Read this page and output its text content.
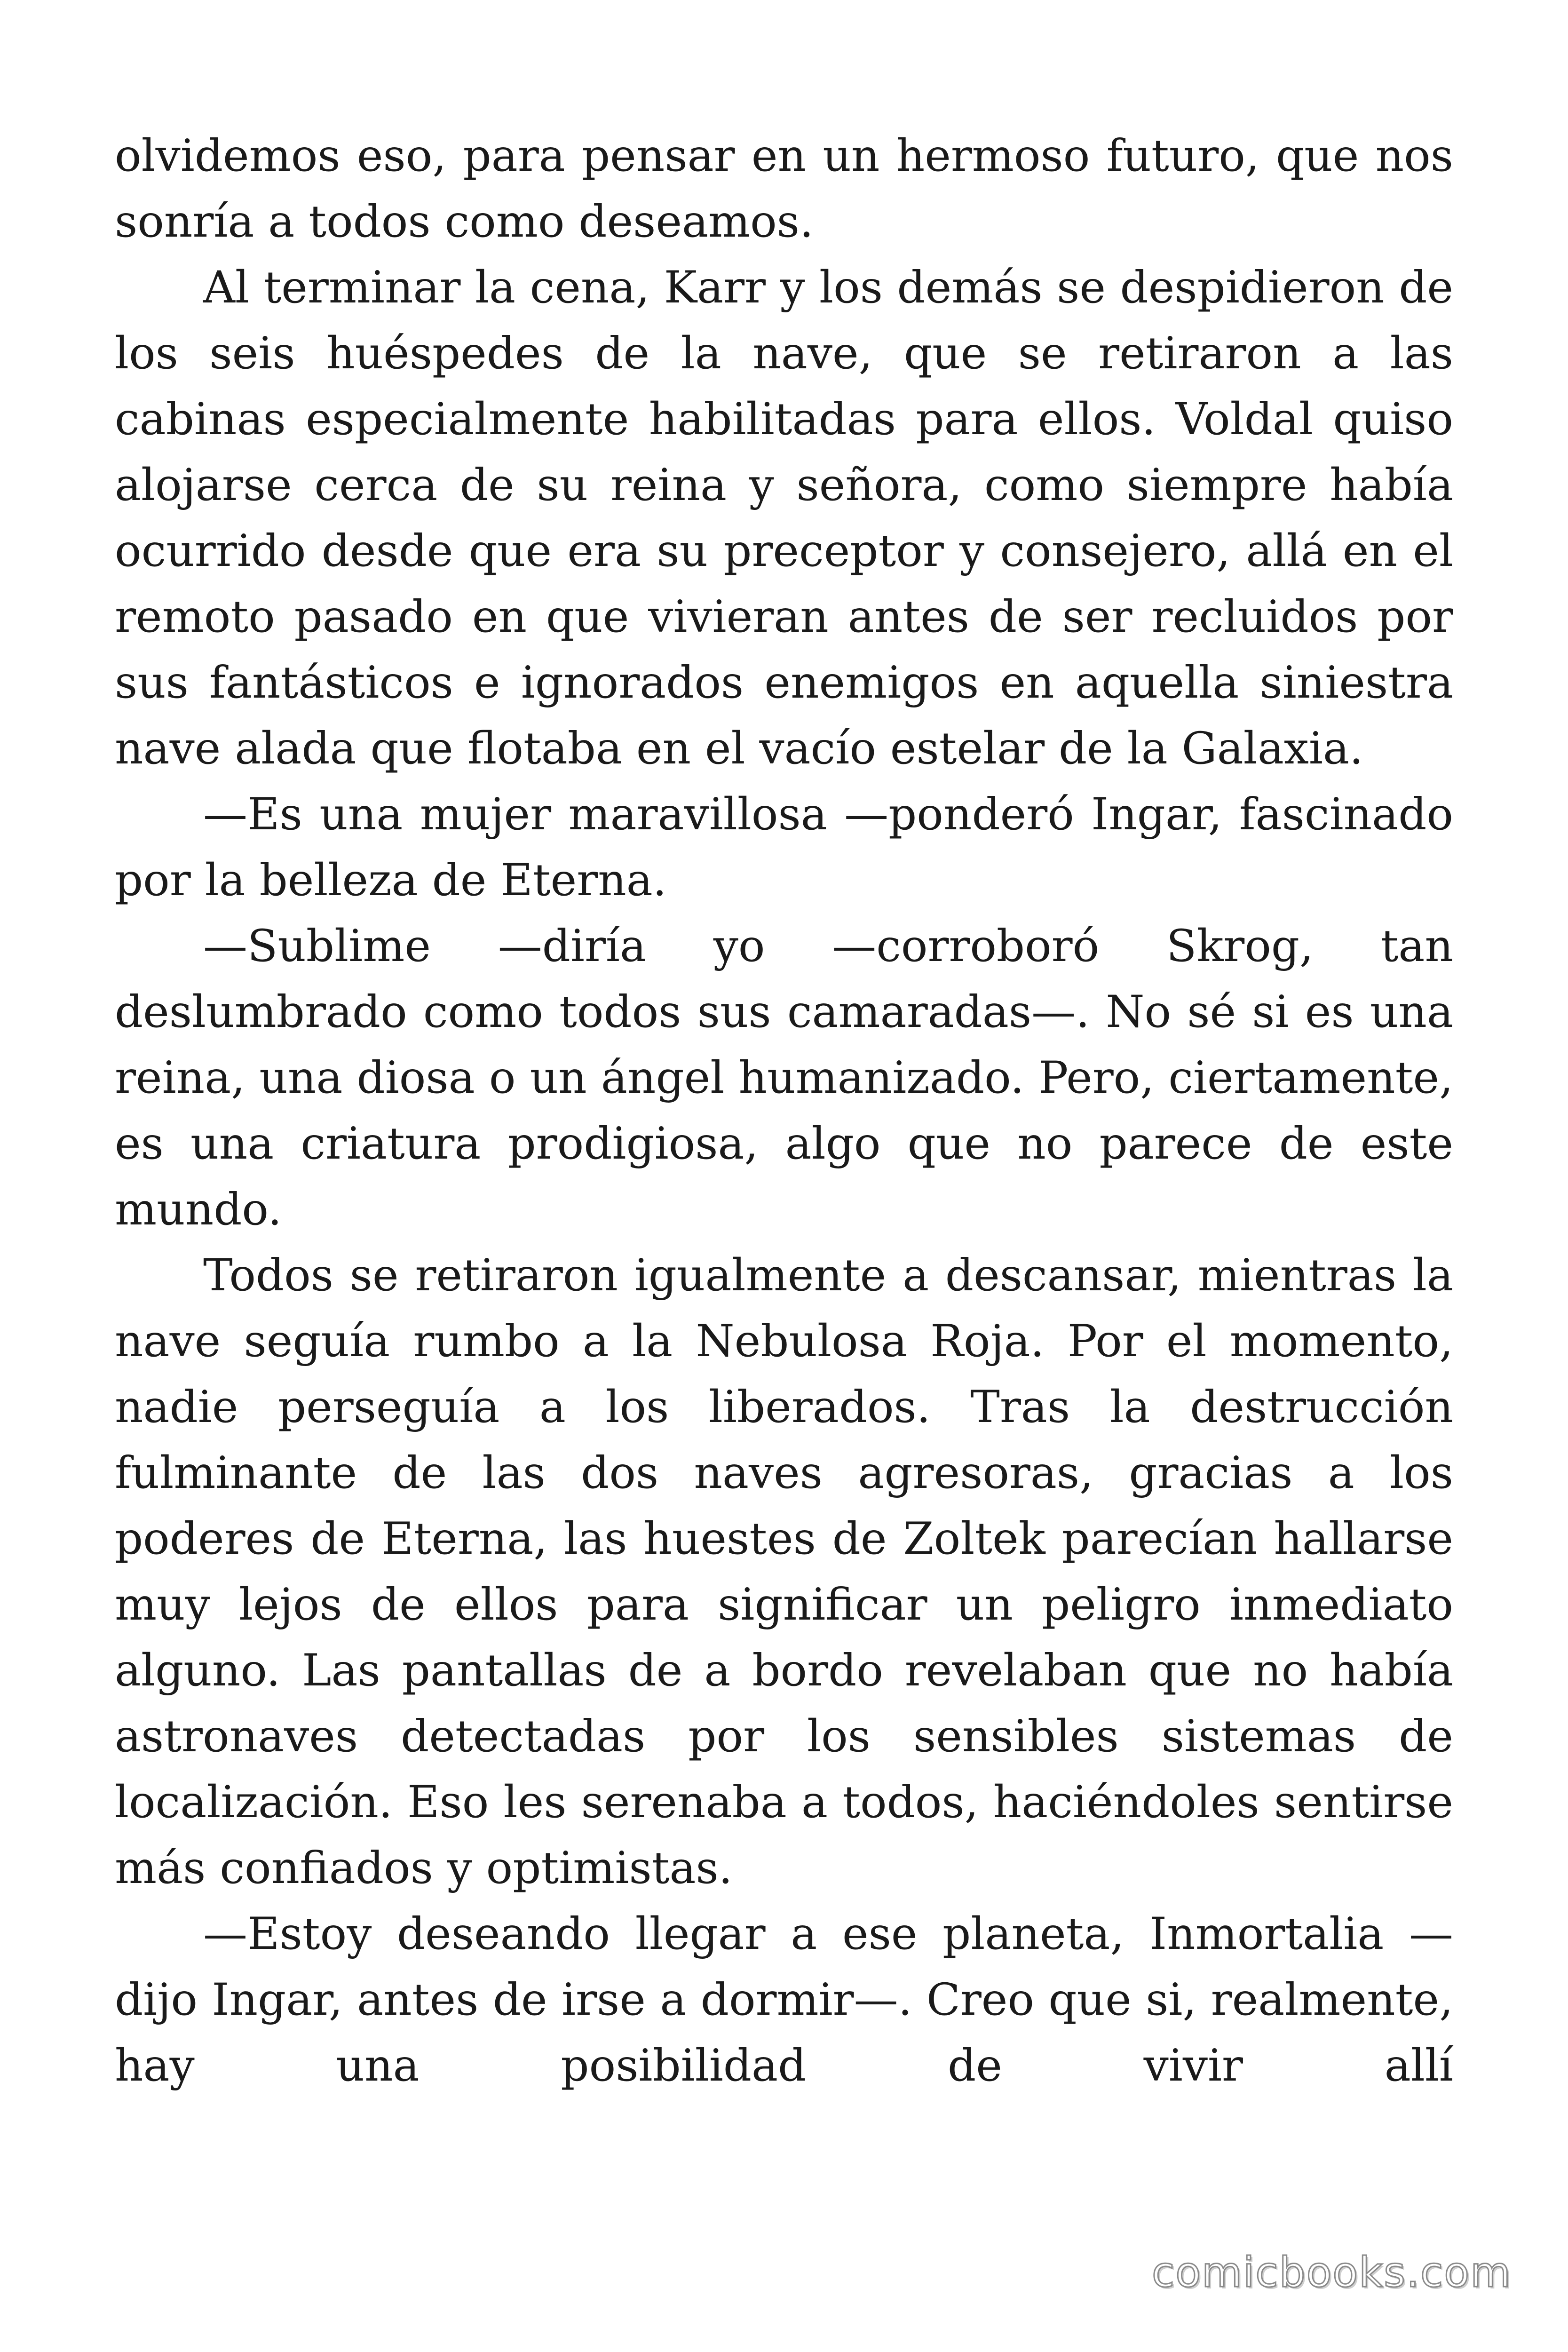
olvidemos eso, para pensar en un hermoso futuro, que nos sonría a todos como deseamos.

Al terminar la cena, Karr y los demás se despidieron de los seis huéspedes de la nave, que se retiraron a las cabinas especialmente habilitadas para ellos. Voldal quiso alojarse cerca de su reina y señora, como siempre había ocurrido desde que era su preceptor y consejero, allá en el remoto pasado en que vivieran antes de ser recluidos por sus fantásticos e ignorados enemigos en aquella siniestra nave alada que flotaba en el vacío estelar de la Galaxia.

—Es una mujer maravillosa —ponderó Ingar, fascinado por la belleza de Eterna.

—Sublime —diría yo —corroboró Skrog, tan deslumbrado como todos sus camaradas—. No sé si es una reina, una diosa o un ángel humanizado. Pero, ciertamente, es una criatura prodigiosa, algo que no parece de este mundo.

Todos se retiraron igualmente a descansar, mientras la nave seguía rumbo a la Nebulosa Roja. Por el momento, nadie perseguía a los liberados. Tras la destrucción fulminante de las dos naves agresoras, gracias a los poderes de Eterna, las huestes de Zoltek parecían hallarse muy lejos de ellos para significar un peligro inmediato alguno. Las pantallas de a bordo revelaban que no había astronaves detectadas por los sensibles sistemas de localización. Eso les serenaba a todos, haciéndoles sentirse más confiados y optimistas.

—Estoy deseando llegar a ese planeta, Inmortalia —dijo Ingar, antes de irse a dormir—. Creo que si, realmente, hay una posibilidad de vivir allí

comicbooks.com
